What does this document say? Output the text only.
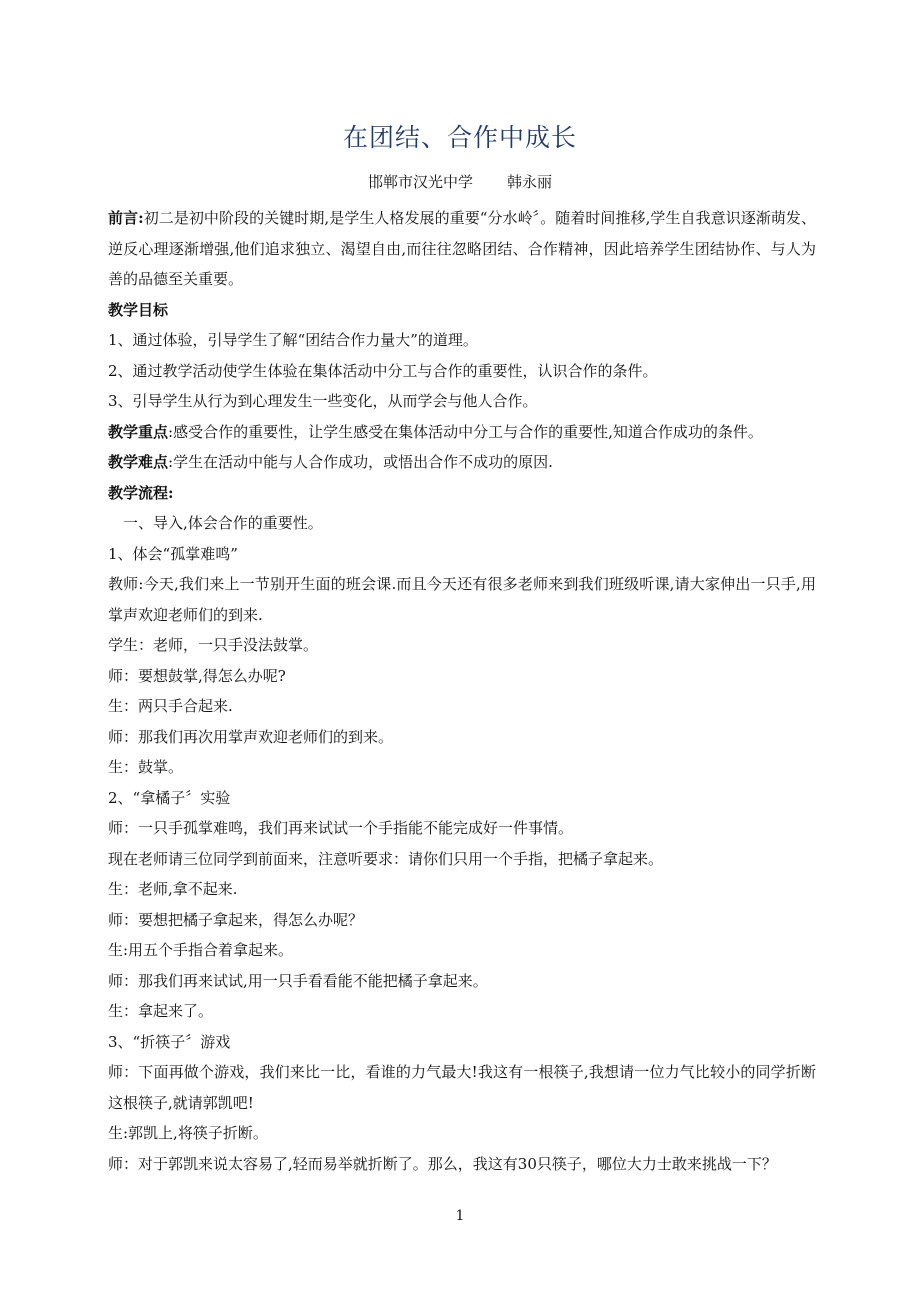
在团结、合作中成长
邯郸市汉光中学 韩永丽

前言:初二是初中阶段的关键时期,是学生人格发展的重要“分水岭〞。随着时间推移,学生自我意识逐渐萌发、逆反心理逐渐增强,他们追求独立、渴望自由,而往往忽略团结、合作精神，因此培养学生团结协作、与人为善的品德至关重要。

教学目标

1、通过体验，引导学生了解“团结合作力量大”的道理。

2、通过教学活动使学生体验在集体活动中分工与合作的重要性，认识合作的条件。

3、引导学生从行为到心理发生一些变化，从而学会与他人合作。

教学重点:感受合作的重要性，让学生感受在集体活动中分工与合作的重要性,知道合作成功的条件。

教学难点:学生在活动中能与人合作成功，或悟出合作不成功的原因.

教学流程:

一、导入,体会合作的重要性。

1、体会“孤掌难鸣”

教师:今天,我们来上一节别开生面的班会课.而且今天还有很多老师来到我们班级听课,请大家伸出一只手,用掌声欢迎老师们的到来.

学生：老师，一只手没法鼓掌。

师：要想鼓掌,得怎么办呢?

生：两只手合起来.

师：那我们再次用掌声欢迎老师们的到来。

生：鼓掌。

2、“拿橘子〞实验

师：一只手孤掌难鸣，我们再来试试一个手指能不能完成好一件事情。

现在老师请三位同学到前面来，注意听要求：请你们只用一个手指，把橘子拿起来。

生：老师,拿不起来.

师：要想把橘子拿起来，得怎么办呢？

生:用五个手指合着拿起来。

师：那我们再来试试,用一只手看看能不能把橘子拿起来。

生：拿起来了。

3、“折筷子〞游戏

师：下面再做个游戏，我们来比一比，看谁的力气最大!我这有一根筷子,我想请一位力气比较小的同学折断这根筷子,就请郭凯吧!

生:郭凯上,将筷子折断。

师：对于郭凯来说太容易了,轻而易举就折断了。那么，我这有30只筷子，哪位大力士敢来挑战一下？

1
